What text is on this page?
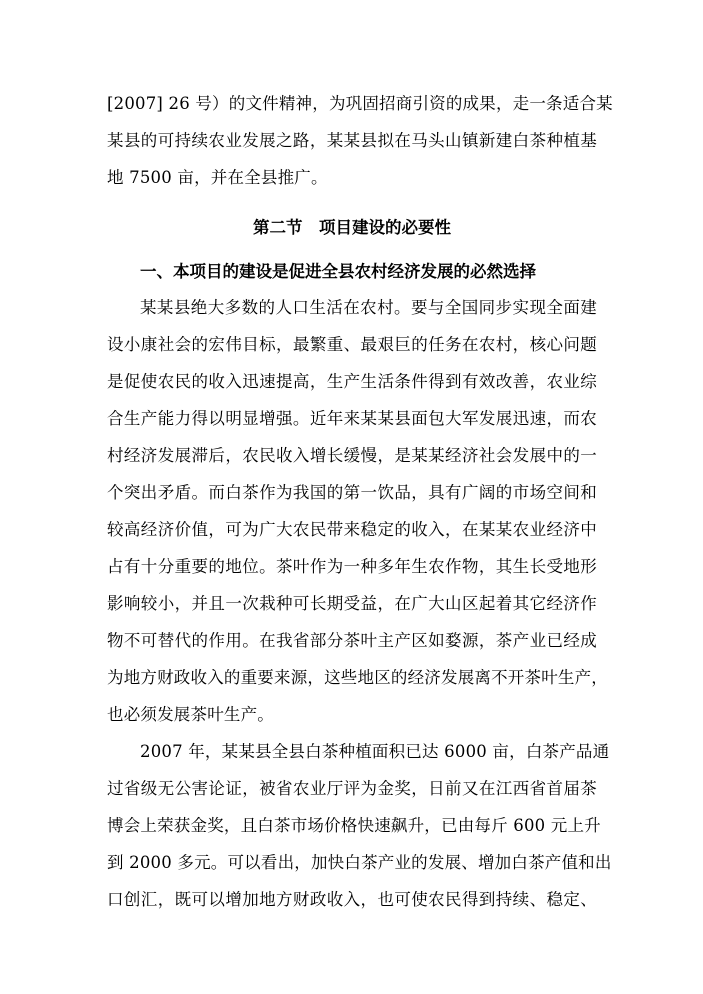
[2007] 26 号）的文件精神，为巩固招商引资的成果，走一条适合某
某县的可持续农业发展之路，某某县拟在马头山镇新建白茶种植基
地 7500 亩，并在全县推广。
第二节　项目建设的必要性
一、本项目的建设是促进全县农村经济发展的必然选择
某某县绝大多数的人口生活在农村。要与全国同步实现全面建
设小康社会的宏伟目标，最繁重、最艰巨的任务在农村，核心问题
是促使农民的收入迅速提高，生产生活条件得到有效改善，农业综
合生产能力得以明显增强。近年来某某县面包大军发展迅速，而农
村经济发展滞后，农民收入增长缓慢，是某某经济社会发展中的一
个突出矛盾。而白茶作为我国的第一饮品，具有广阔的市场空间和
较高经济价值，可为广大农民带来稳定的收入，在某某农业经济中
占有十分重要的地位。茶叶作为一种多年生农作物，其生长受地形
影响较小，并且一次栽种可长期受益，在广大山区起着其它经济作
物不可替代的作用。在我省部分茶叶主产区如婺源，茶产业已经成
为地方财政收入的重要来源，这些地区的经济发展离不开茶叶生产，
也必须发展茶叶生产。
2007 年，某某县全县白茶种植面积已达 6000 亩，白茶产品通
过省级无公害论证，被省农业厅评为金奖，日前又在江西省首届茶
博会上荣获金奖，且白茶市场价格快速飙升，已由每斤 600 元上升
到 2000 多元。可以看出，加快白茶产业的发展、增加白茶产值和出
口创汇，既可以增加地方财政收入，也可使农民得到持续、稳定、
